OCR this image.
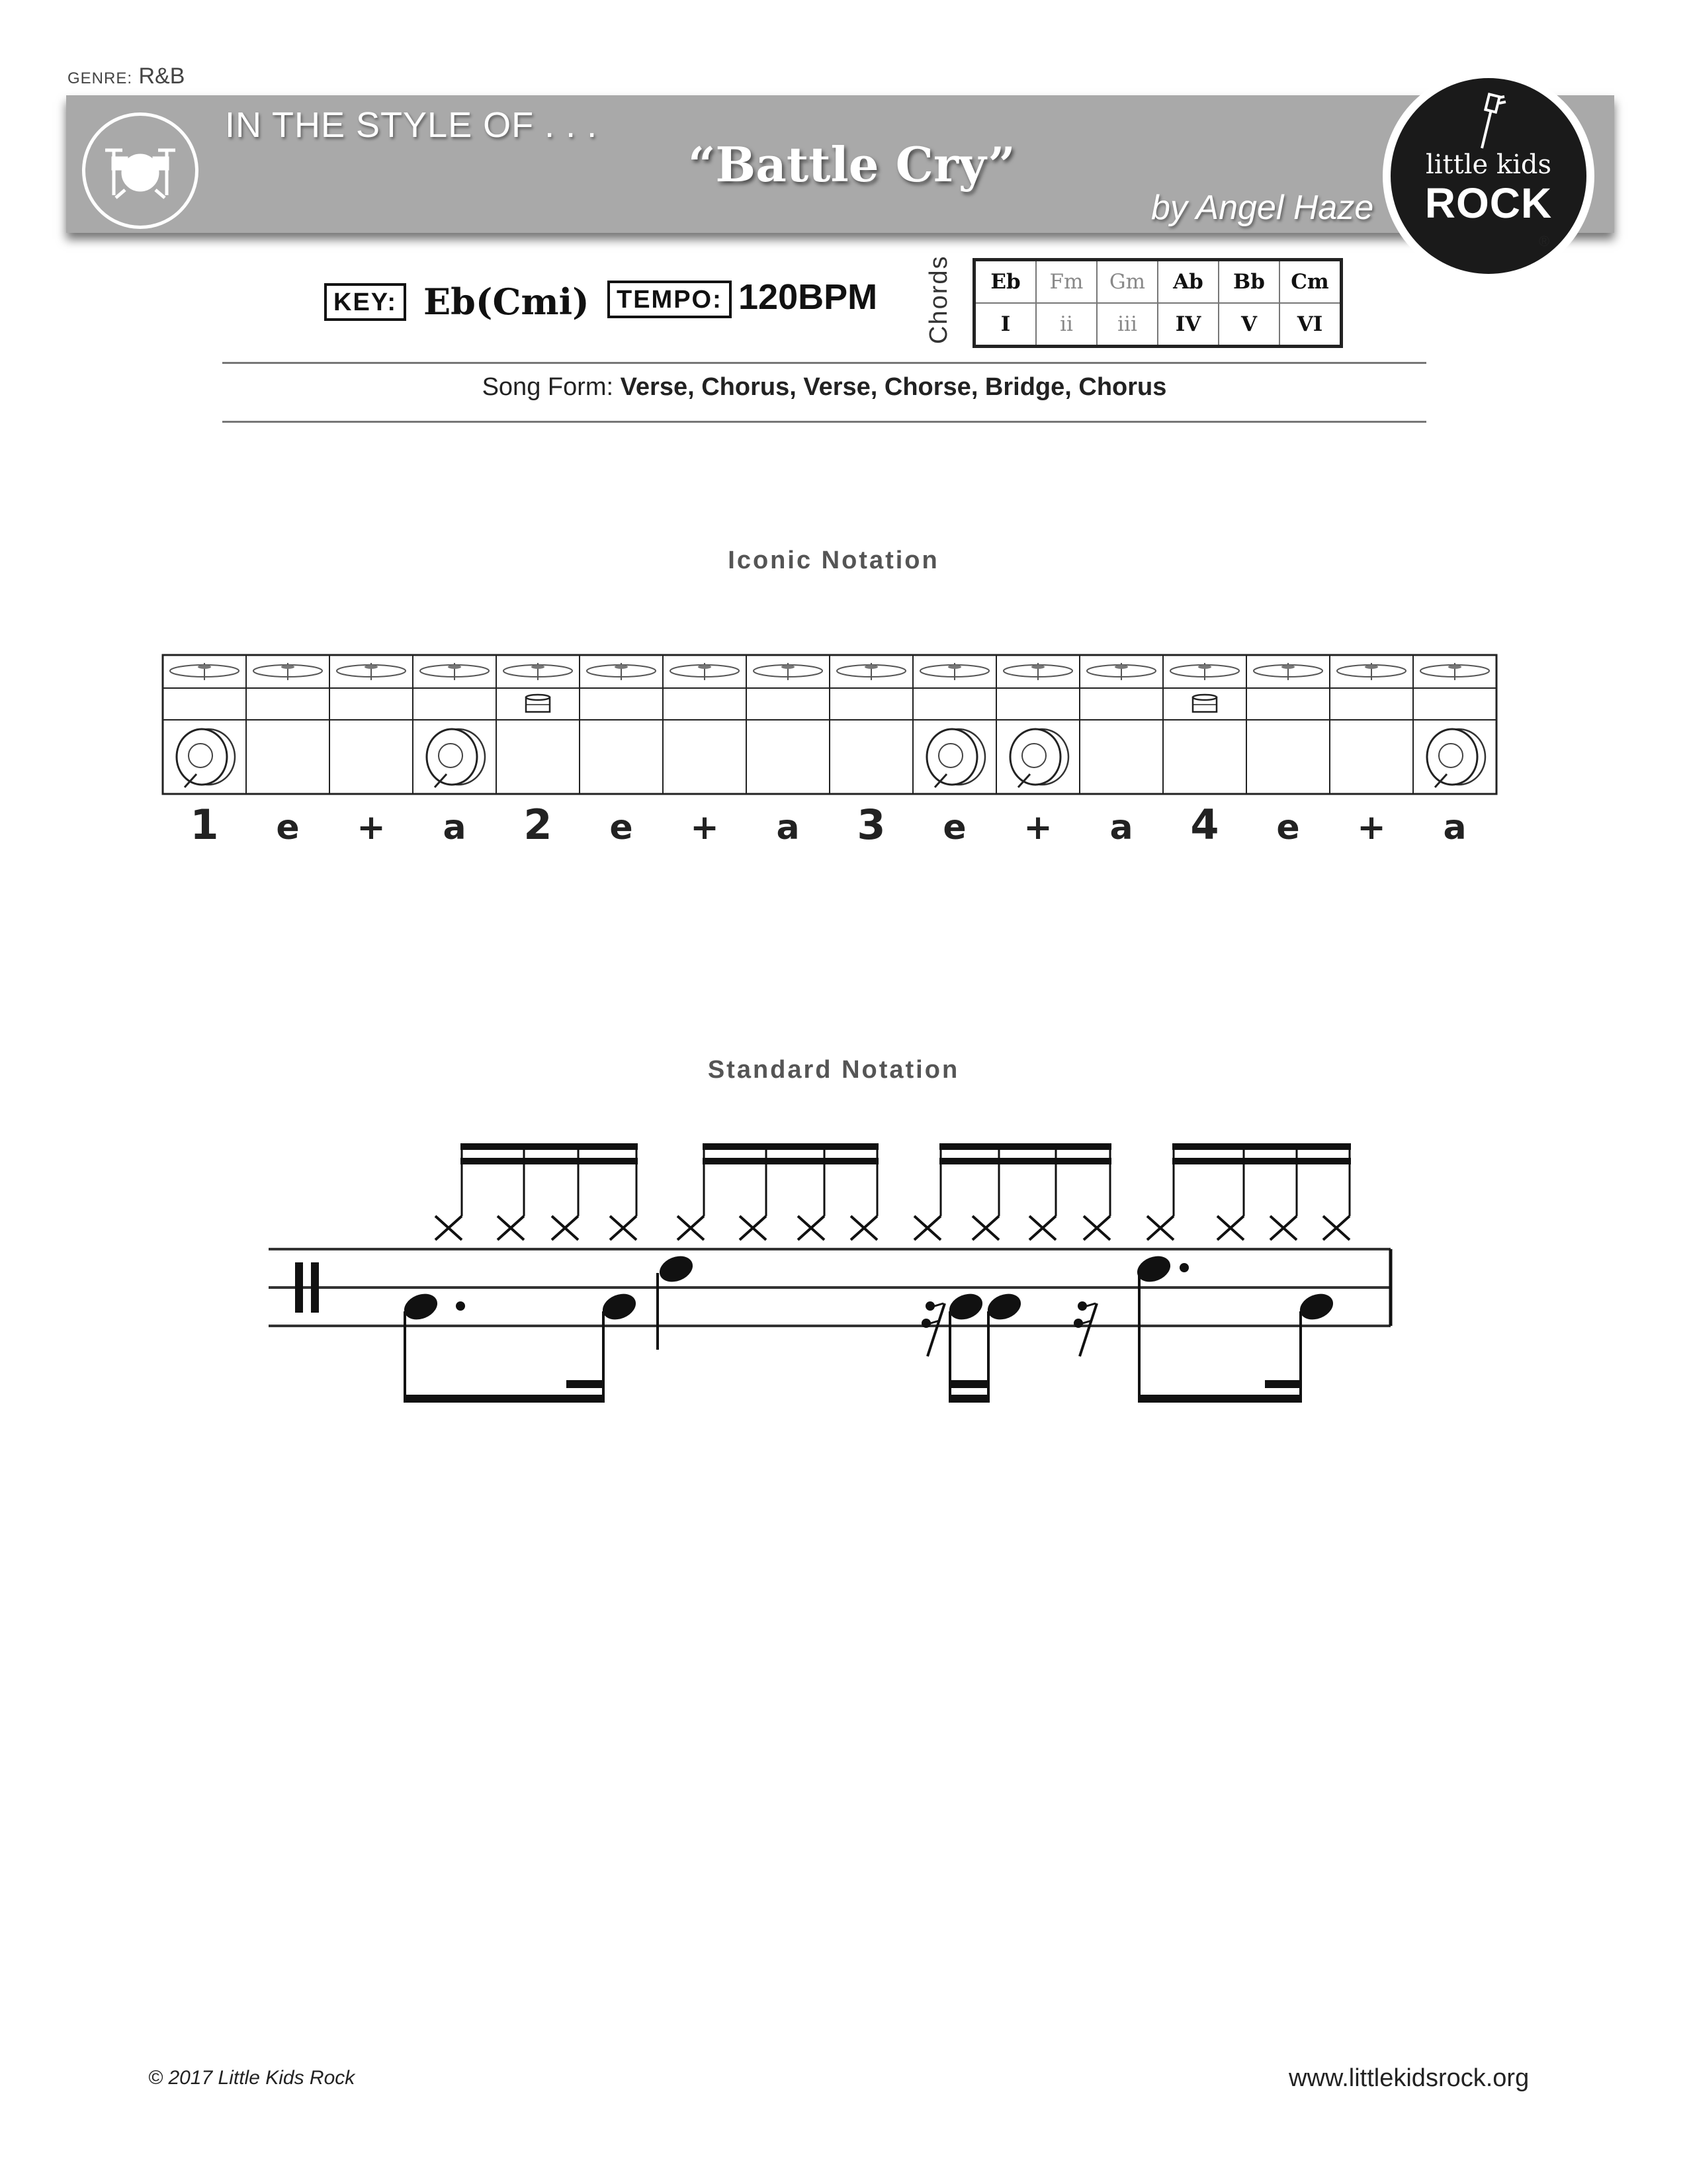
GENRE: R&B
IN THE STYLE OF . . .
“Battle Cry”
by Angel Haze
little kids
ROCK
®
KEY: Eb(Cmi)	TEMPO: 120BPM Chords Eb	Fm	Gm	Ab	Bb	Cm
I	ii	iii	IV	V	VI
Song Form: Verse, Chorus, Verse, Chorse, Bridge, Chorus
Iconic Notation
1 e + a 2 e + a 3 e + a 4 e + a
Standard Notation
© 2017 Little Kids Rock	www.littlekidsrock.org
